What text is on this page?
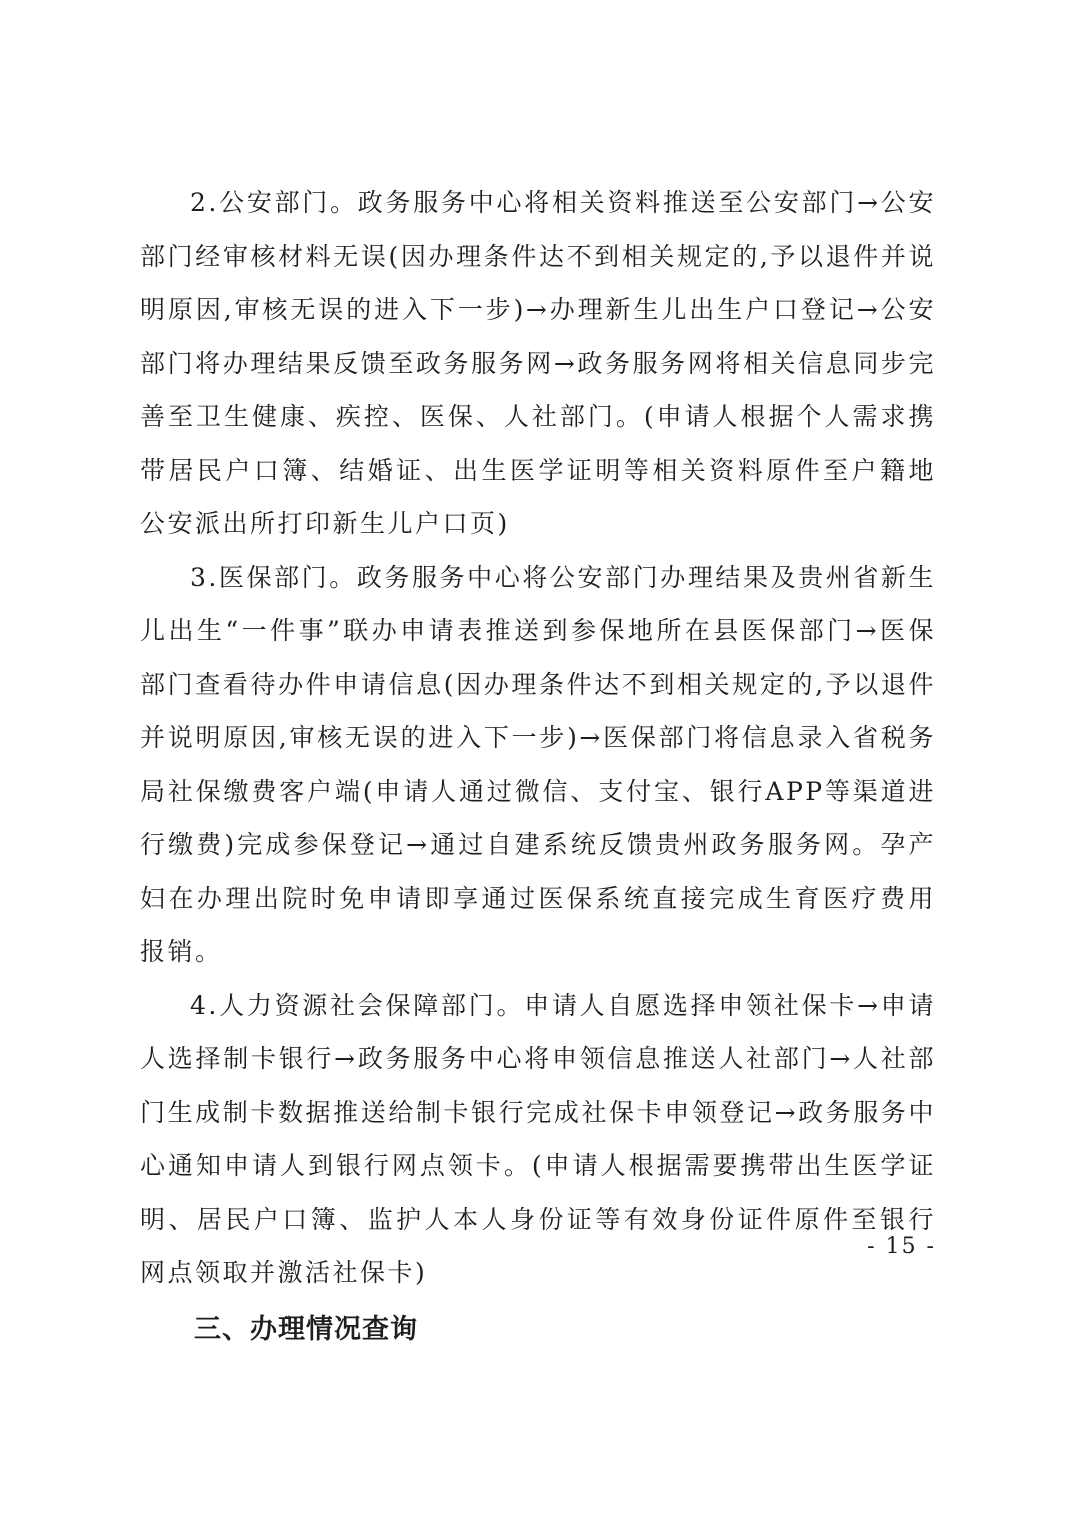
2.公安部门。政务服务中心将相关资料推送至公安部门→公安部门经审核材料无误(因办理条件达不到相关规定的,予以退件并说明原因,审核无误的进入下一步)→办理新生儿出生户口登记→公安部门将办理结果反馈至政务服务网→政务服务网将相关信息同步完善至卫生健康、疾控、医保、人社部门。(申请人根据个人需求携带居民户口簿、结婚证、出生医学证明等相关资料原件至户籍地公安派出所打印新生儿户口页)

3.医保部门。政务服务中心将公安部门办理结果及贵州省新生儿出生“一件事”联办申请表推送到参保地所在县医保部门→医保部门查看待办件申请信息(因办理条件达不到相关规定的,予以退件并说明原因,审核无误的进入下一步)→医保部门将信息录入省税务局社保缴费客户端(申请人通过微信、支付宝、银行APP等渠道进行缴费)完成参保登记→通过自建系统反馈贵州政务服务网。孕产妇在办理出院时免申请即享通过医保系统直接完成生育医疗费用报销。

4.人力资源社会保障部门。申请人自愿选择申领社保卡→申请人选择制卡银行→政务服务中心将申领信息推送人社部门→人社部门生成制卡数据推送给制卡银行完成社保卡申领登记→政务服务中心通知申请人到银行网点领卡。(申请人根据需要携带出生医学证明、居民户口簿、监护人本人身份证等有效身份证件原件至银行网点领取并激活社保卡)

三、办理情况查询

- 15 -
